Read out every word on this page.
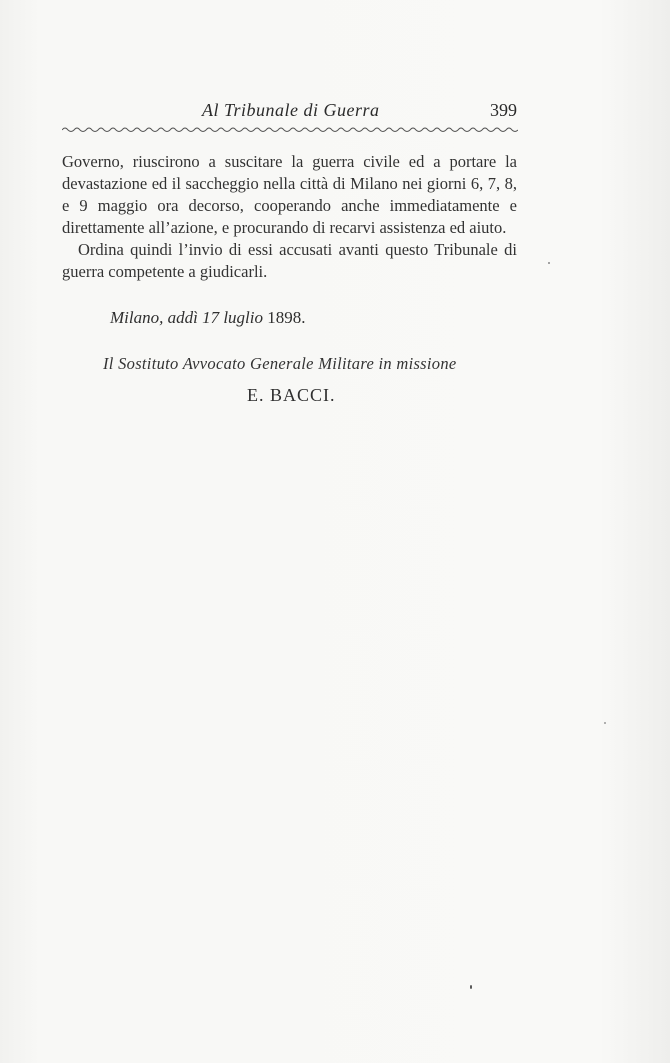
Al Tribunale di Guerra	399

Governo, riuscirono a suscitare la guerra civile ed a portare la devastazione ed il saccheggio nella città di Milano nei giorni 6, 7, 8, e 9 maggio ora decorso, cooperando anche immediatamente e direttamente all’azione, e procurando di recarvi assistenza ed aiuto.

Ordina quindi l’invio di essi accusati avanti questo Tribunale di guerra competente a giudicarli.

Milano, addì 17 luglio 1898.
Il Sostituto Avvocato Generale Militare in missione
E. BACCI.
